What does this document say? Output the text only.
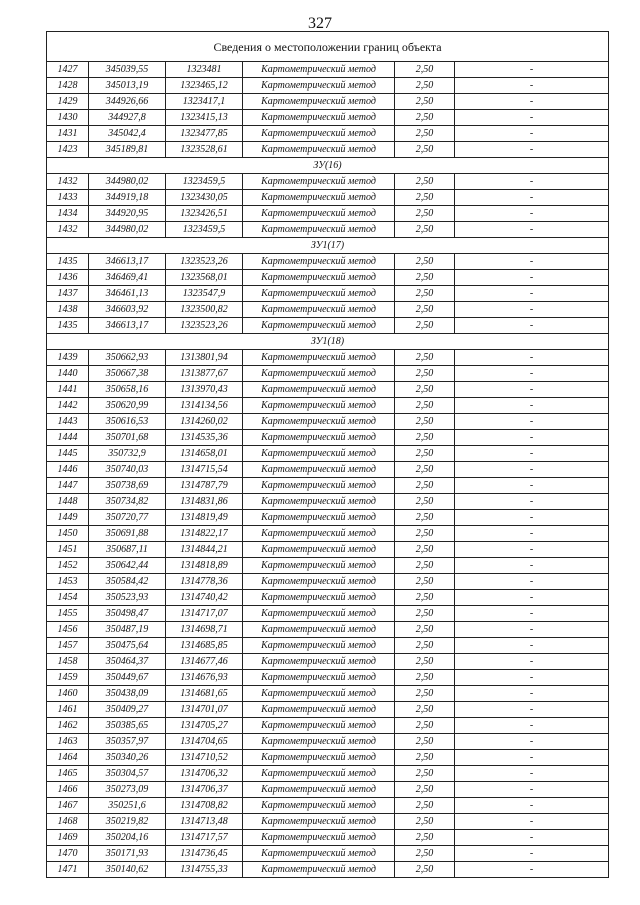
327
Сведения о местоположении границ объекта					
1427	345039,55	1323481	Картометрический метод	2,50	-
1428	345013,19	1323465,12	Картометрический метод	2,50	-
1429	344926,66	1323417,1	Картометрический метод	2,50	-
1430	344927,8	1323415,13	Картометрический метод	2,50	-
1431	345042,4	1323477,85	Картометрический метод	2,50	-
1423	345189,81	1323528,61	Картометрический метод	2,50	-
ЗУ(16)					
1432	344980,02	1323459,5	Картометрический метод	2,50	-
1433	344919,18	1323430,05	Картометрический метод	2,50	-
1434	344920,95	1323426,51	Картометрический метод	2,50	-
1432	344980,02	1323459,5	Картометрический метод	2,50	-
ЗУ1(17)					
1435	346613,17	1323523,26	Картометрический метод	2,50	-
1436	346469,41	1323568,01	Картометрический метод	2,50	-
1437	346461,13	1323547,9	Картометрический метод	2,50	-
1438	346603,92	1323500,82	Картометрический метод	2,50	-
1435	346613,17	1323523,26	Картометрический метод	2,50	-
ЗУ1(18)					
1439	350662,93	1313801,94	Картометрический метод	2,50	-
1440	350667,38	1313877,67	Картометрический метод	2,50	-
1441	350658,16	1313970,43	Картометрический метод	2,50	-
1442	350620,99	1314134,56	Картометрический метод	2,50	-
1443	350616,53	1314260,02	Картометрический метод	2,50	-
1444	350701,68	1314535,36	Картометрический метод	2,50	-
1445	350732,9	1314658,01	Картометрический метод	2,50	-
1446	350740,03	1314715,54	Картометрический метод	2,50	-
1447	350738,69	1314787,79	Картометрический метод	2,50	-
1448	350734,82	1314831,86	Картометрический метод	2,50	-
1449	350720,77	1314819,49	Картометрический метод	2,50	-
1450	350691,88	1314822,17	Картометрический метод	2,50	-
1451	350687,11	1314844,21	Картометрический метод	2,50	-
1452	350642,44	1314818,89	Картометрический метод	2,50	-
1453	350584,42	1314778,36	Картометрический метод	2,50	-
1454	350523,93	1314740,42	Картометрический метод	2,50	-
1455	350498,47	1314717,07	Картометрический метод	2,50	-
1456	350487,19	1314698,71	Картометрический метод	2,50	-
1457	350475,64	1314685,85	Картометрический метод	2,50	-
1458	350464,37	1314677,46	Картометрический метод	2,50	-
1459	350449,67	1314676,93	Картометрический метод	2,50	-
1460	350438,09	1314681,65	Картометрический метод	2,50	-
1461	350409,27	1314701,07	Картометрический метод	2,50	-
1462	350385,65	1314705,27	Картометрический метод	2,50	-
1463	350357,97	1314704,65	Картометрический метод	2,50	-
1464	350340,26	1314710,52	Картометрический метод	2,50	-
1465	350304,57	1314706,32	Картометрический метод	2,50	-
1466	350273,09	1314706,37	Картометрический метод	2,50	-
1467	350251,6	1314708,82	Картометрический метод	2,50	-
1468	350219,82	1314713,48	Картометрический метод	2,50	-
1469	350204,16	1314717,57	Картометрический метод	2,50	-
1470	350171,93	1314736,45	Картометрический метод	2,50	-
1471	350140,62	1314755,33	Картометрический метод	2,50	-
